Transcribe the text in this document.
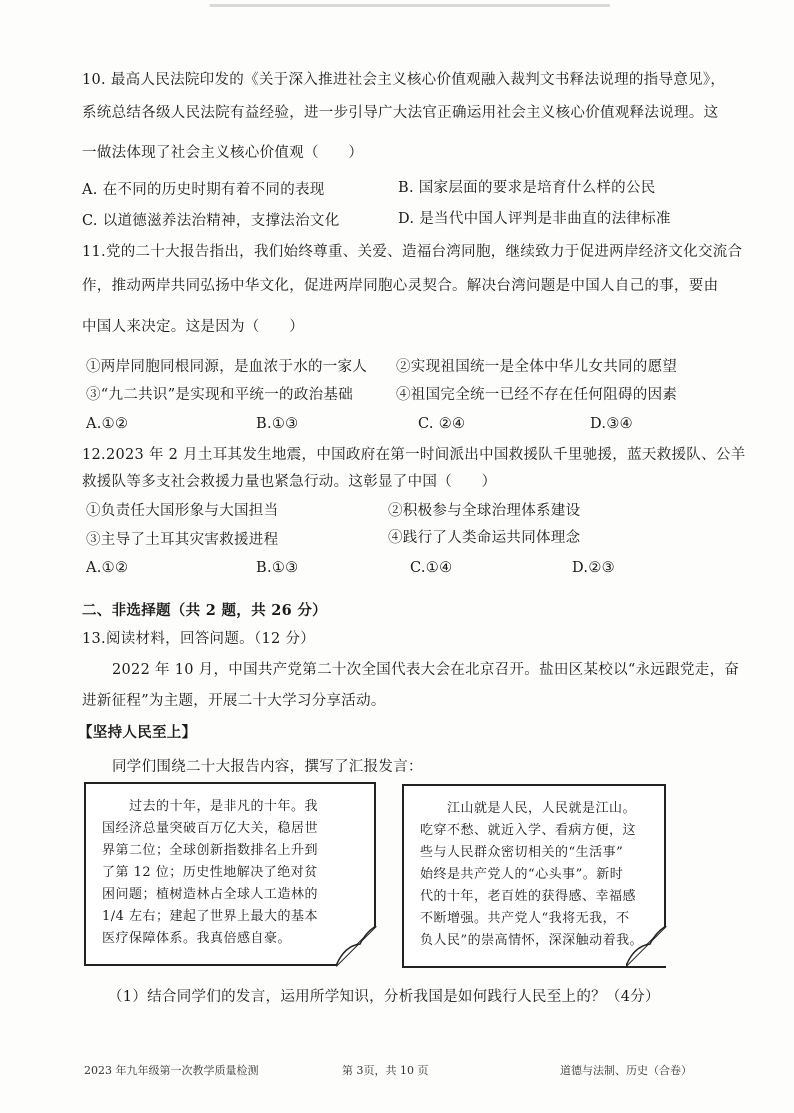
10. 最高人民法院印发的《关于深入推进社会主义核心价值观融入裁判文书释法说理的指导意见》，
系统总结各级人民法院有益经验，进一步引导广大法官正确运用社会主义核心价值观释法说理。这
一做法体现了社会主义核心价值观（　　）
A. 在不同的历史时期有着不同的表现	B. 国家层面的要求是培育什么样的公民
C. 以道德滋养法治精神，支撑法治文化	D. 是当代中国人评判是非曲直的法律标准
11.党的二十大报告指出，我们始终尊重、关爱、造福台湾同胞，继续致力于促进两岸经济文化交流合
作，推动两岸共同弘扬中华文化，促进两岸同胞心灵契合。解决台湾问题是中国人自己的事，要由
中国人来决定。这是因为（　　）
①两岸同胞同根同源，是血浓于水的一家人 ②实现祖国统一是全体中华儿女共同的愿望
③“九二共识”是实现和平统一的政治基础	④祖国完全统一已经不存在任何阻碍的因素
A.①②	B.①③	C. ②④	D.③④
12.2023 年 2 月土耳其发生地震，中国政府在第一时间派出中国救援队千里驰援，蓝天救援队、公羊
救援队等多支社会救援力量也紧急行动。这彰显了中国（　　）
①负责任大国形象与大国担当	②积极参与全球治理体系建设
③主导了土耳其灾害救援进程	④践行了人类命运共同体理念
A.①②	B.①③	C.①④	D.②③
二、非选择题（共 2 题，共 26 分）
13.阅读材料，回答问题。（12 分）
2022 年 10 月，中国共产党第二十次全国代表大会在北京召开。盐田区某校以“永远跟党走，奋
进新征程”为主题，开展二十大学习分享活动。
【坚持人民至上】
同学们围绕二十大报告内容，撰写了汇报发言：

　　过去的十年，是非凡的十年。我

国经济总量突破百万亿大关，稳居世

界第二位；全球创新指数排名上升到

了第 12 位；历史性地解决了绝对贫

困问题；植树造林占全球人工造林的

1/4 左右；建起了世界上最大的基本

医疗保障体系。我真倍感自豪。

　　江山就是人民，人民就是江山。

吃穿不愁、就近入学、看病方便，这

些与人民群众密切相关的“生活事”

始终是共产党人的“心头事”。新时

代的十年，老百姓的获得感、幸福感

不断增强。共产党人“我将无我，不

负人民”的崇高情怀，深深触动着我。

（1）结合同学们的发言，运用所学知识，分析我国是如何践行人民至上的？（4分）
2023 年九年级第一次教学质量检测	第 3页，共 10 页	道德与法制、历史（合卷）
